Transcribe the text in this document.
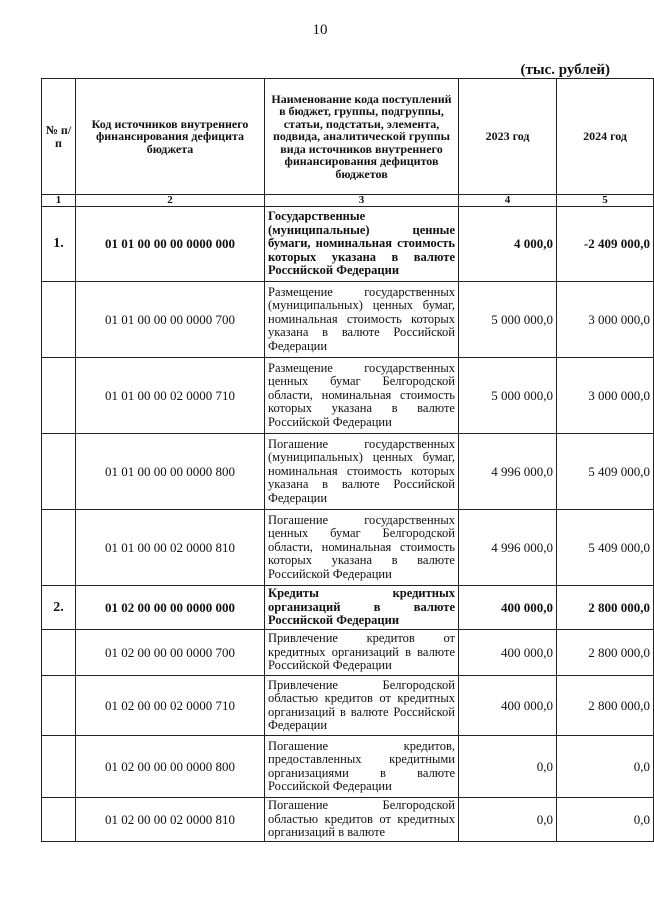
10
(тыс. рублей)
№ п/п	Код источников внутреннего финансирования дефицита бюджета	Наименование кода поступлений в бюджет, группы, подгруппы, статьи, подстатьи, элемента, подвида, аналитической группы вида источников внутреннего финансирования дефицитов бюджетов	2023 год	2024 год
1	2	3	4	5
1.	01 01 00 00 00 0000 000	Государственные (муниципальные) ценные бумаги, номинальная стоимость которых указана в валюте Российской Федерации	4 000,0	-2 409 000,0
	01 01 00 00 00 0000 700	Размещение государственных (муниципальных) ценных бумаг, номинальная стоимость которых указана в валюте Российской Федерации	5 000 000,0	3 000 000,0
	01 01 00 00 02 0000 710	Размещение государственных ценных бумаг Белгородской области, номинальная стоимость которых указана в валюте Российской Федерации	5 000 000,0	3 000 000,0
	01 01 00 00 00 0000 800	Погашение государственных (муниципальных) ценных бумаг, номинальная стоимость которых указана в валюте Российской Федерации	4 996 000,0	5 409 000,0
	01 01 00 00 02 0000 810	Погашение государственных ценных бумаг Белгородской области, номинальная стоимость которых указана в валюте Российской Федерации	4 996 000,0	5 409 000,0
2.	01 02 00 00 00 0000 000	Кредиты кредитных организаций в валюте Российской Федерации	400 000,0	2 800 000,0
	01 02 00 00 00 0000 700	Привлечение кредитов от кредитных организаций в валюте Российской Федерации	400 000,0	2 800 000,0
	01 02 00 00 02 0000 710	Привлечение Белгородской областью кредитов от кредитных организаций в валюте Российской Федерации	400 000,0	2 800 000,0
	01 02 00 00 00 0000 800	Погашение кредитов, предоставленных кредитными организациями в валюте Российской Федерации	0,0	0,0
	01 02 00 00 02 0000 810	Погашение Белгородской областью кредитов от кредитных организаций в валюте	0,0	0,0
